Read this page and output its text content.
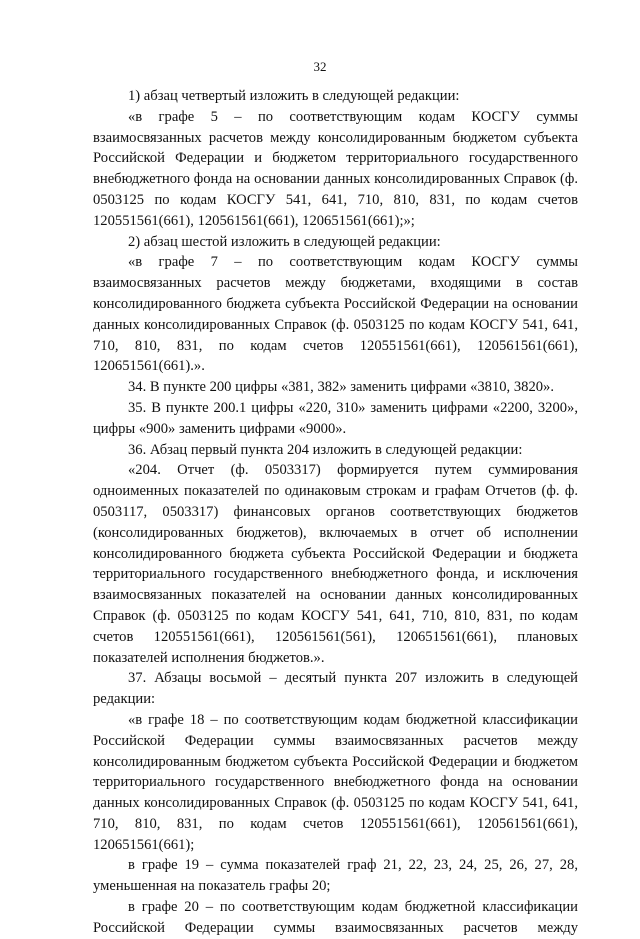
32

1) абзац четвертый изложить в следующей редакции:

«в графе 5 – по соответствующим кодам КОСГУ суммы взаимосвязанных расчетов между консолидированным бюджетом субъекта Российской Федерации и бюджетом территориального государственного внебюджетного фонда на основании данных консолидированных Справок (ф. 0503125 по кодам КОСГУ 541, 641, 710, 810, 831, по кодам счетов 120551561(661), 120561561(661), 120651561(661);»;

2) абзац шестой изложить в следующей редакции:

«в графе 7 – по соответствующим кодам КОСГУ суммы взаимосвязанных расчетов между бюджетами, входящими в состав консолидированного бюджета субъекта Российской Федерации на основании данных консолидированных Справок (ф. 0503125 по кодам КОСГУ 541, 641, 710, 810, 831, по кодам счетов 120551561(661), 120561561(661), 120651561(661).».

34. В пункте 200 цифры «381, 382» заменить цифрами «3810, 3820».

35. В пункте 200.1 цифры «220, 310» заменить цифрами «2200, 3200», цифры «900» заменить цифрами «9000».

36. Абзац первый пункта 204 изложить в следующей редакции:

«204. Отчет (ф. 0503317) формируется путем суммирования одноименных показателей по одинаковым строкам и графам Отчетов (ф. ф. 0503117, 0503317) финансовых органов соответствующих бюджетов (консолидированных бюджетов), включаемых в отчет об исполнении консолидированного бюджета субъекта Российской Федерации и бюджета территориального государственного внебюджетного фонда, и исключения взаимосвязанных показателей на основании данных консолидированных Справок (ф. 0503125 по кодам КОСГУ 541, 641, 710, 810, 831, по кодам счетов 120551561(661), 120561561(561), 120651561(661), плановых показателей исполнения бюджетов.».

37. Абзацы восьмой – десятый пункта 207 изложить в следующей редакции:

«в графе 18 – по соответствующим кодам бюджетной классификации Российской Федерации суммы взаимосвязанных расчетов между консолидированным бюджетом субъекта Российской Федерации и бюджетом территориального государственного внебюджетного фонда на основании данных консолидированных Справок (ф. 0503125 по кодам КОСГУ 541, 641, 710, 810, 831, по кодам счетов 120551561(661), 120561561(661), 120651561(661);

в графе 19 – сумма показателей граф 21, 22, 23, 24, 25, 26, 27, 28, уменьшенная на показатель графы 20;

в графе 20 – по соответствующим кодам бюджетной классификации Российской Федерации суммы взаимосвязанных расчетов между
